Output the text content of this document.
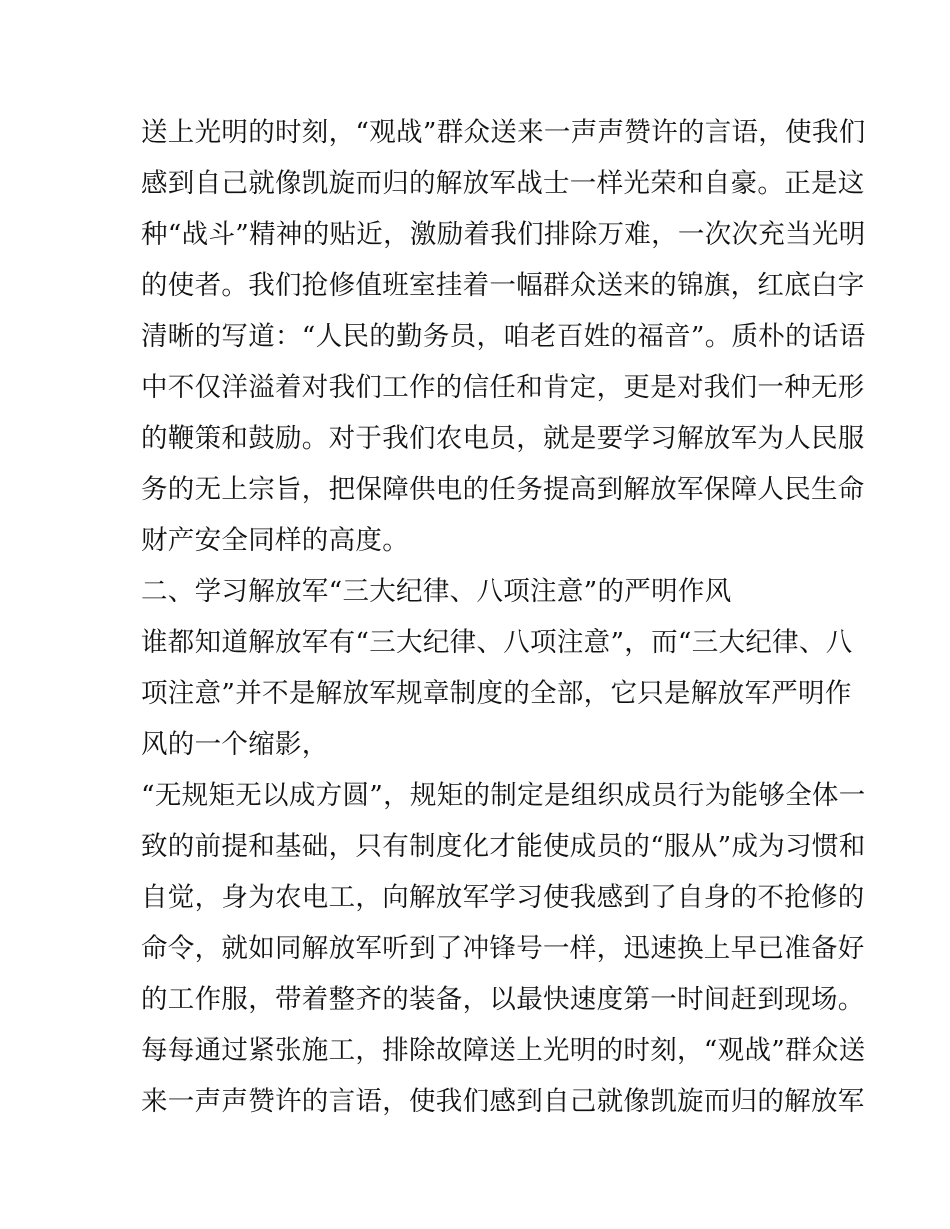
送上光明的时刻，“观战”群众送来一声声赞许的言语，使我们
感到自己就像凯旋而归的解放军战士一样光荣和自豪。正是这
种“战斗”精神的贴近，激励着我们排除万难，一次次充当光明
的使者。我们抢修值班室挂着一幅群众送来的锦旗，红底白字
清晰的写道：“人民的勤务员，咱老百姓的福音”。质朴的话语
中不仅洋溢着对我们工作的信任和肯定，更是对我们一种无形
的鞭策和鼓励。对于我们农电员，就是要学习解放军为人民服
务的无上宗旨，把保障供电的任务提高到解放军保障人民生命
财产安全同样的高度。
二、学习解放军“三大纪律、八项注意”的严明作风
谁都知道解放军有“三大纪律、八项注意”，而“三大纪律、八
项注意”并不是解放军规章制度的全部，它只是解放军严明作
风的一个缩影，
“无规矩无以成方圆”，规矩的制定是组织成员行为能够全体一
致的前提和基础，只有制度化才能使成员的“服从”成为习惯和
自觉，身为农电工，向解放军学习使我感到了自身的不抢修的
命令，就如同解放军听到了冲锋号一样，迅速换上早已准备好
的工作服，带着整齐的装备，以最快速度第一时间赶到现场。
每每通过紧张施工，排除故障送上光明的时刻，“观战”群众送
来一声声赞许的言语，使我们感到自己就像凯旋而归的解放军
